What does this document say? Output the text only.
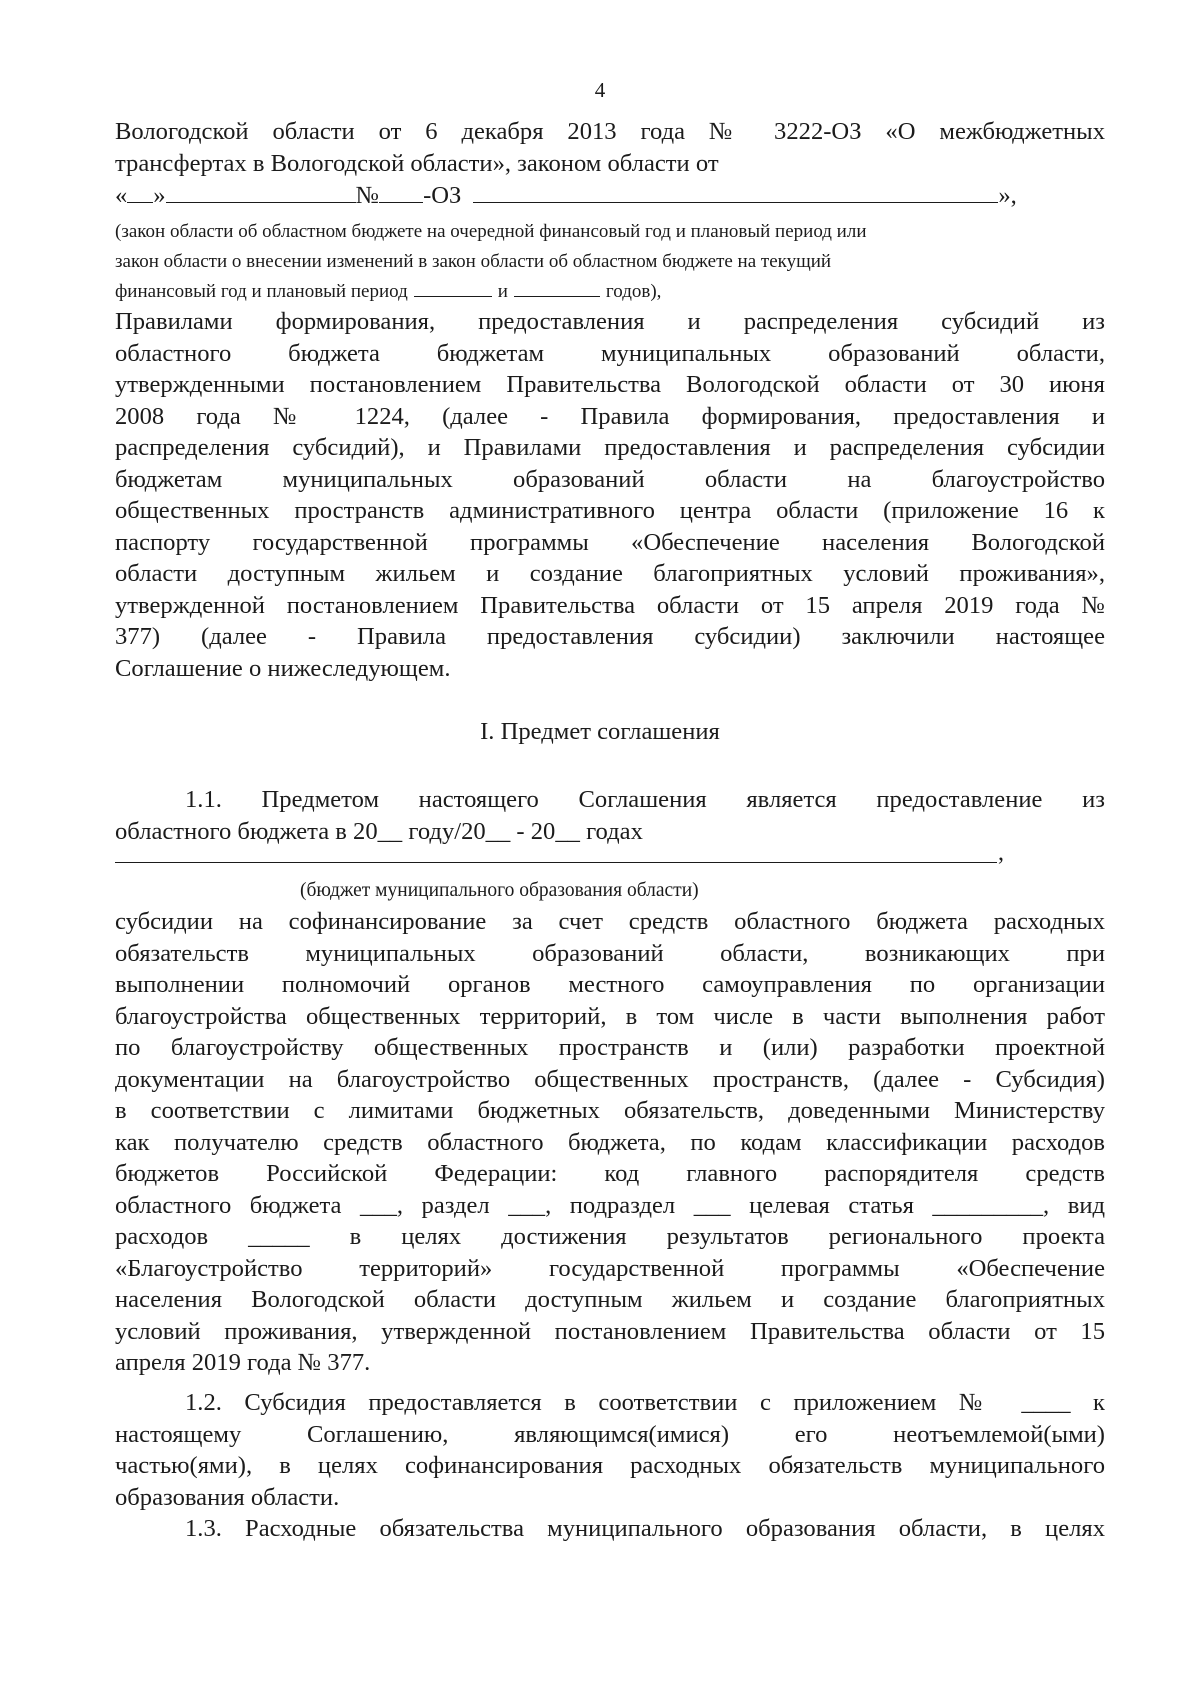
4
Вологодской области от 6 декабря 2013 года № 3222-ОЗ «О межбюджетных
трансфертах в Вологодской области», законом области от
« »	№ -ОЗ	»,
(закон области об областном бюджете на очередной финансовый год и плановый период или
закон области о внесении изменений в закон области об областном бюджете на текущий
финансовый год и плановый период	и	годов),
Правилами формирования, предоставления и распределения субсидий из
областного бюджета бюджетам муниципальных образований области,
утвержденными постановлением Правительства Вологодской области от 30 июня
2008 года № 1224, (далее - Правила формирования, предоставления и
распределения субсидий), и Правилами предоставления и распределения субсидии
бюджетам муниципальных образований области на благоустройство
общественных пространств административного центра области (приложение 16 к
паспорту государственной программы «Обеспечение населения Вологодской
области доступным жильем и создание благоприятных условий проживания»,
утвержденной постановлением Правительства области от 15 апреля 2019 года №
377) (далее - Правила предоставления субсидии) заключили настоящее
Соглашение о нижеследующем.
I. Предмет соглашения
1.1. Предметом настоящего Соглашения является предоставление из
областного бюджета в 20__ году/20__ - 20__ годах
,
(бюджет муниципального образования области)
субсидии на софинансирование за счет средств областного бюджета расходных
обязательств муниципальных образований области, возникающих при
выполнении полномочий органов местного самоуправления по организации
благоустройства общественных территорий, в том числе в части выполнения работ
по благоустройству общественных пространств и (или) разработки проектной
документации на благоустройство общественных пространств, (далее - Субсидия)
в соответствии с лимитами бюджетных обязательств, доведенными Министерству
как получателю средств областного бюджета, по кодам классификации расходов
бюджетов Российской Федерации: код главного распорядителя средств
областного бюджета ___, раздел ___, подраздел ___ целевая статья _________, вид
расходов _____ в целях достижения результатов регионального проекта
«Благоустройство территорий» государственной программы «Обеспечение
населения Вологодской области доступным жильем и создание благоприятных
условий проживания, утвержденной постановлением Правительства области от 15
апреля 2019 года № 377.
1.2. Субсидия предоставляется в соответствии с приложением № ____ к
настоящему Соглашению, являющимся(имися) его неотъемлемой(ыми)
частью(ями), в целях софинансирования расходных обязательств муниципального
образования области.
1.3. Расходные обязательства муниципального образования области, в целях
